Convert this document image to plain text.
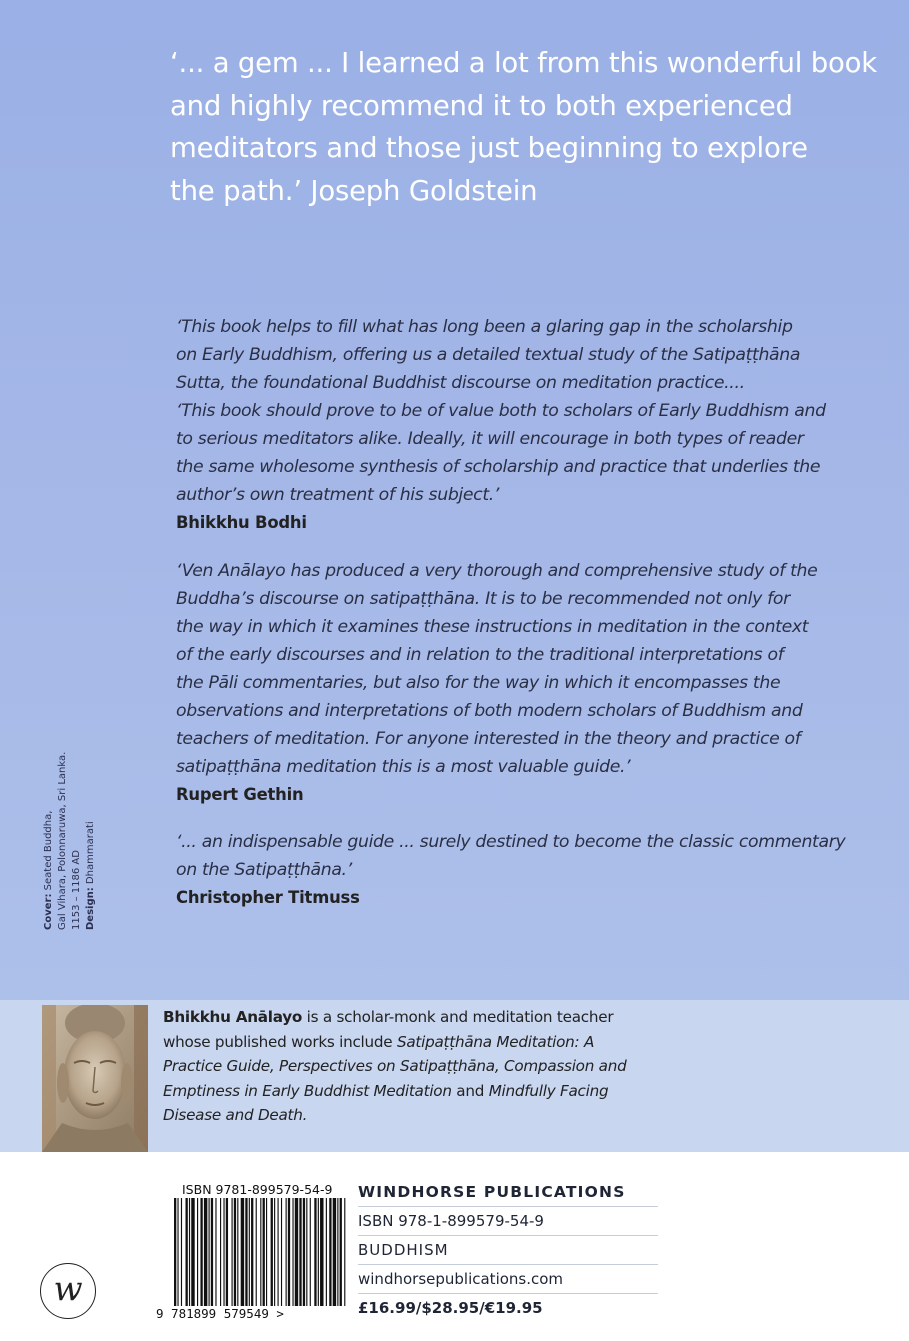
‘... a gem ... I learned a lot from this wonderful book
and highly recommend it to both experienced
meditators and those just beginning to explore
the path.’ Joseph Goldstein
‘This book helps to fill what has long been a glaring gap in the scholarship
on Early Buddhism, offering us a detailed textual study of the Satipaṭṭhāna
Sutta, the foundational Buddhist discourse on meditation practice....
‘This book should prove to be of value both to scholars of Early Buddhism and
to serious meditators alike. Ideally, it will encourage in both types of reader
the same wholesome synthesis of scholarship and practice that underlies the
author’s own treatment of his subject.’
Bhikkhu Bodhi
‘Ven Anālayo has produced a very thorough and comprehensive study of the
Buddha’s discourse on satipaṭṭhāna. It is to be recommended not only for
the way in which it examines these instructions in meditation in the context
of the early discourses and in relation to the traditional interpretations of
the Pāli commentaries, but also for the way in which it encompasses the
observations and interpretations of both modern scholars of Buddhism and
teachers of meditation. For anyone interested in the theory and practice of
satipaṭṭhāna meditation this is a most valuable guide.’
Rupert Gethin
‘... an indispensable guide ... surely destined to become the classic commentary
on the Satipaṭṭhāna.’
Christopher Titmuss
Cover: Seated Buddha, Gal Vihara, Polonnaruwa, Sri Lanka. 1153 – 1186 AD Design: Dhammarati
Bhikkhu Anālayo is a scholar-monk and meditation teacher
whose published works include Satipaṭṭhāna Meditation: A
Practice Guide, Perspectives on Satipaṭṭhāna, Compassion and
Emptiness in Early Buddhist Meditation and Mindfully Facing
Disease and Death.
ISBN 9781-899579-54-9
9 781899 579549 >
w
WINDHORSE PUBLICATIONS
ISBN 978-1-899579-54-9
BUDDHISM
windhorsepublications.com
£16.99/$28.95/€19.95
